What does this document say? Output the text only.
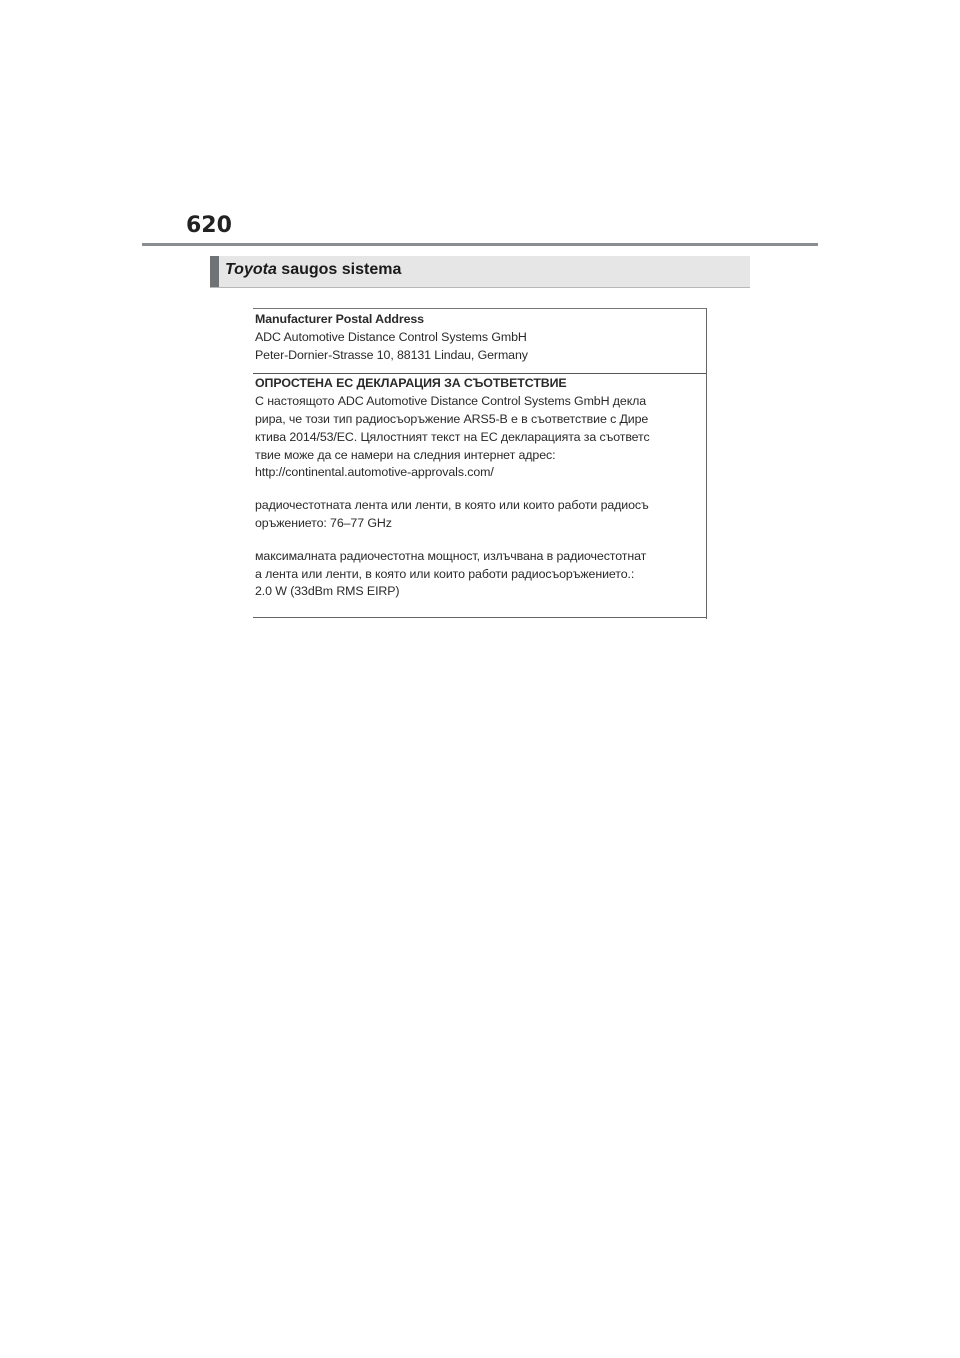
620
Toyota saugos sistema
Manufacturer Postal Address
ADC Automotive Distance Control Systems GmbH
Peter-Dornier-Strasse 10, 88131 Lindau, Germany
ОПРОСТЕНА ЕС ДЕКЛАРАЦИЯ ЗА СЪОТВЕТСТВИЕ
С настоящото ADC Automotive Distance Control Systems GmbH декла
рира, че този тип радиосъоръжение ARS5-B е в съответствие с Дире
ктива 2014/53/ЕС. Цялостният текст на ЕС декларацията за съответс
твие може да се намери на следния интернет адрес:
http://continental.automotive-approvals.com/
радиочестотната лента или ленти, в която или които работи радиосъ
оръжението: 76–77 GHz
максималната радиочестотна мощност, излъчвана в радиочестотнат
а лента или ленти, в която или които работи радиосъоръжението.:
2.0 W (33dBm RMS EIRP)
